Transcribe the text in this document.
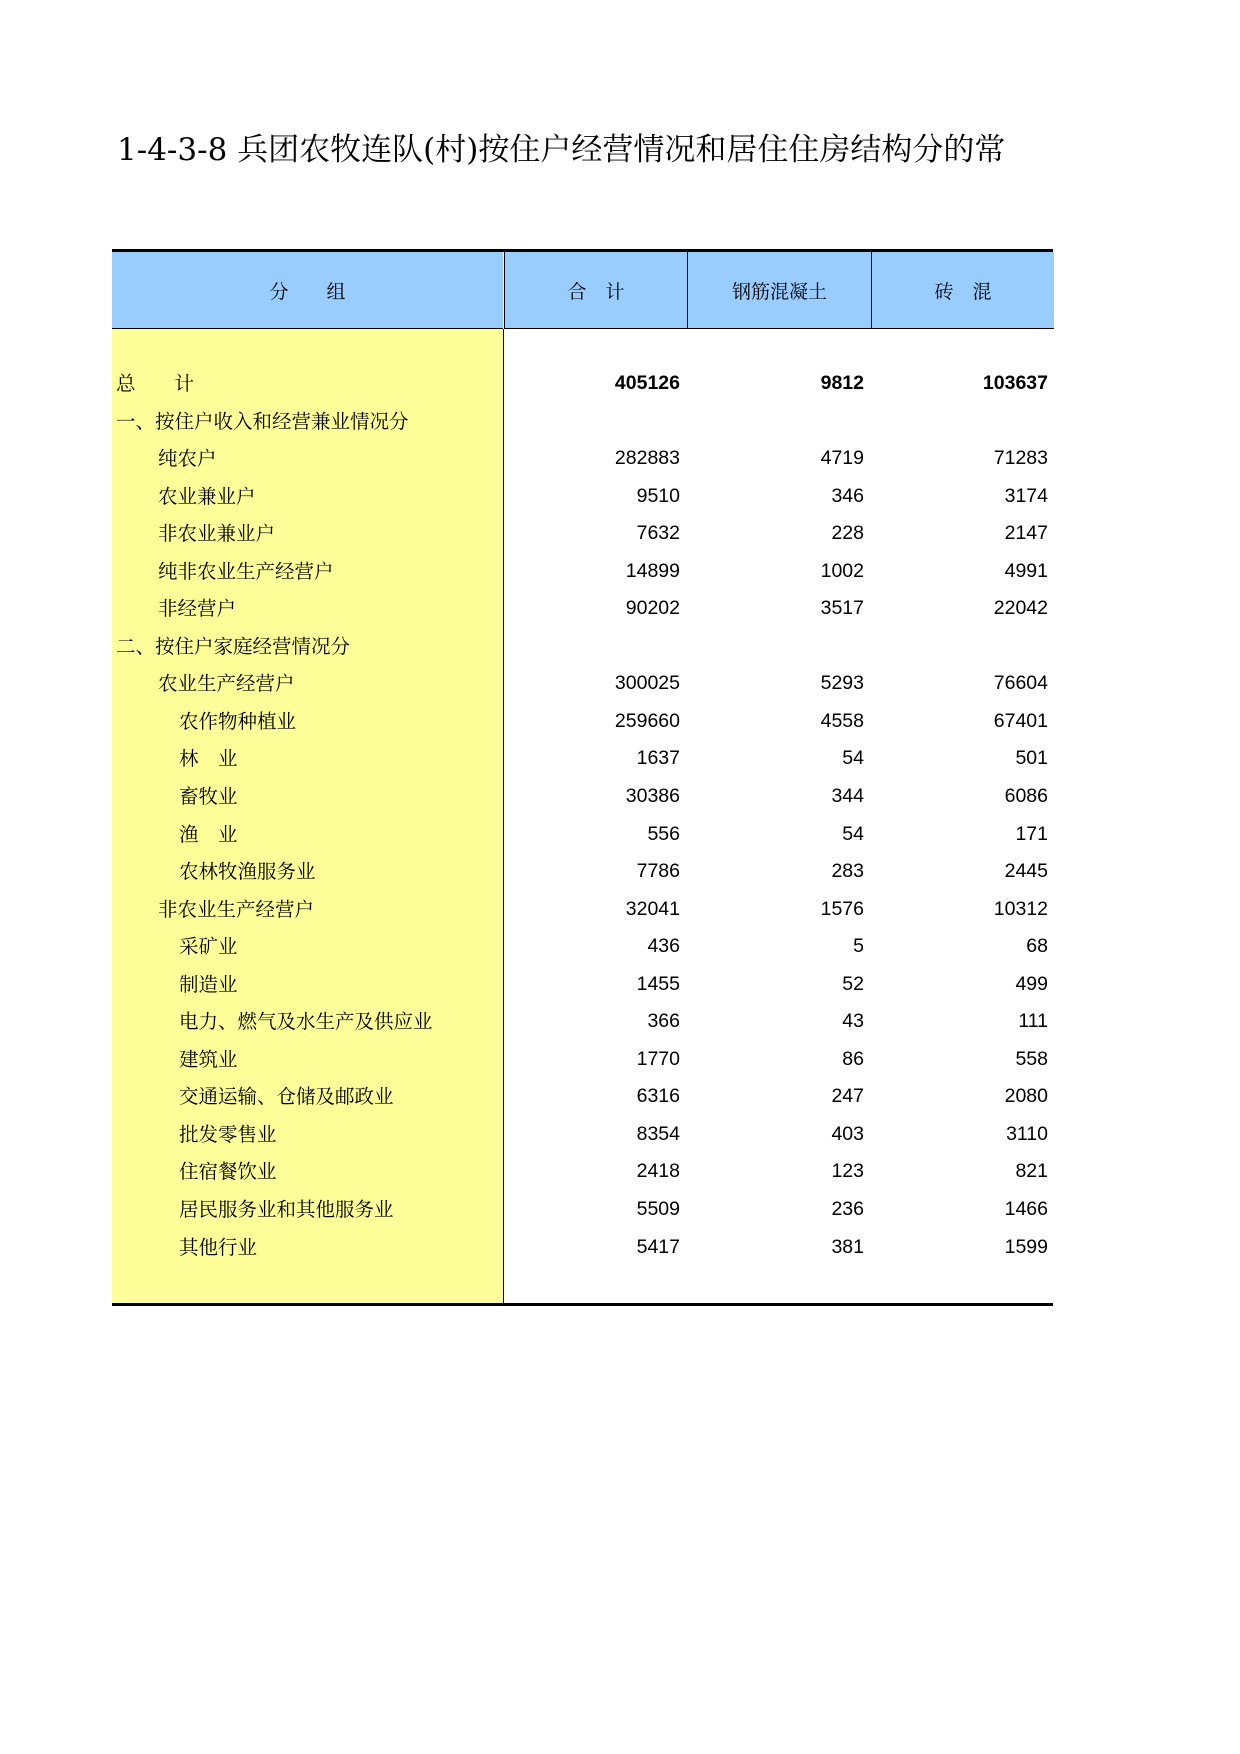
1-4-3-8 兵团农牧连队(村)按住户经营情况和居住住房结构分的常
分　　组	合　计	钢筋混凝土	砖　混
总　　计	405126	9812	103637
一、按住户收入和经营兼业情况分
纯农户	282883	4719	71283
农业兼业户	9510	346	3174
非农业兼业户	7632	228	2147
纯非农业生产经营户	14899	1002	4991
非经营户	90202	3517	22042
二、按住户家庭经营情况分
农业生产经营户	300025	5293	76604
农作物种植业	259660	4558	67401
林　业	1637	54	501
畜牧业	30386	344	6086
渔　业	556	54	171
农林牧渔服务业	7786	283	2445
非农业生产经营户	32041	1576	10312
采矿业	436	5	68
制造业	1455	52	499
电力、燃气及水生产及供应业	366	43	111
建筑业	1770	86	558
交通运输、仓储及邮政业	6316	247	2080
批发零售业	8354	403	3110
住宿餐饮业	2418	123	821
居民服务业和其他服务业	5509	236	1466
其他行业	5417	381	1599
